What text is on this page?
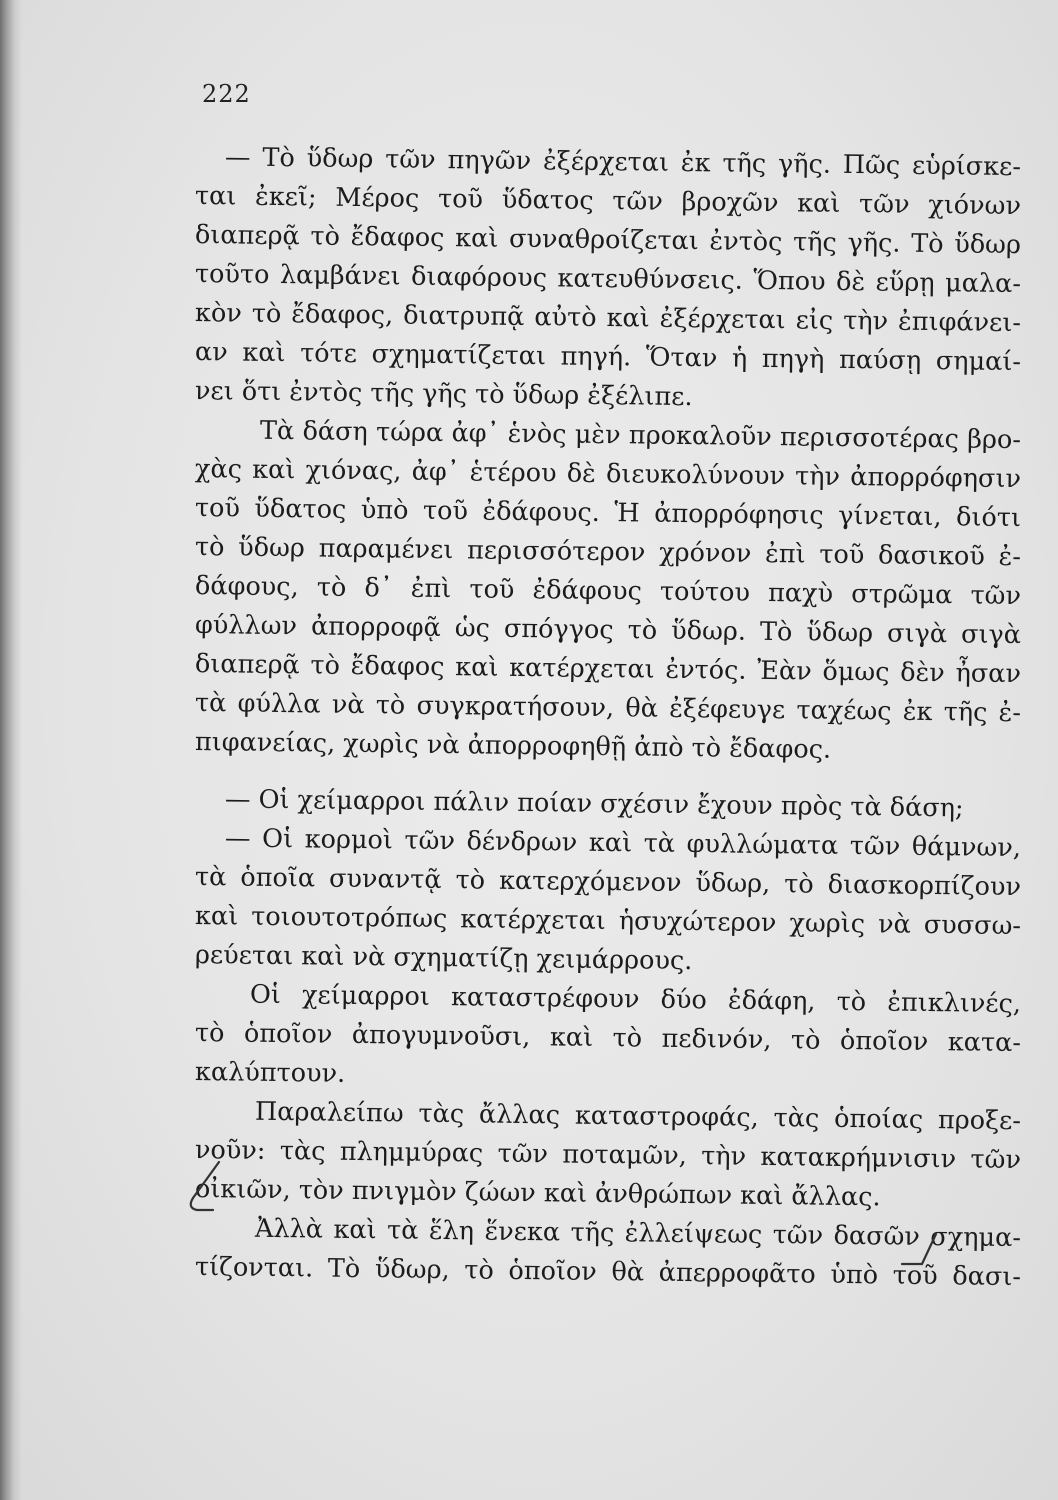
222
— Τὸ ὕδωρ τῶν πηγῶν ἐξέρχεται ἐκ τῆς γῆς. Πῶς εὑρίσκε-
ται ἐκεῖ; Μέρος τοῦ ὕδατος τῶν βροχῶν καὶ τῶν χιόνων
διαπερᾷ τὸ ἔδαφος καὶ συναθροίζεται ἐντὸς τῆς γῆς. Τὸ ὕδωρ
τοῦτο λαμβάνει διαφόρους κατευθύνσεις. Ὅπου δὲ εὕρῃ μαλα-
κὸν τὸ ἔδαφος, διατρυπᾷ αὐτὸ καὶ ἐξέρχεται εἰς τὴν ἐπιφάνει-
αν καὶ τότε σχηματίζεται πηγή. Ὅταν ἡ πηγὴ παύσῃ σημαί-
νει ὅτι ἐντὸς τῆς γῆς τὸ ὕδωρ ἐξέλιπε.
Τὰ δάση τώρα ἀφ᾽ ἑνὸς μὲν προκαλοῦν περισσοτέρας βρο-
χὰς καὶ χιόνας, ἀφ᾽ ἑτέρου δὲ διευκολύνουν τὴν ἀπορρόφησιν
τοῦ ὕδατος ὑπὸ τοῦ ἐδάφους. Ἡ ἀπορρόφησις γίνεται, διότι
τὸ ὕδωρ παραμένει περισσότερον χρόνον ἐπὶ τοῦ δασικοῦ ἐ-
δάφους, τὸ δ᾽ ἐπὶ τοῦ ἐδάφους τούτου παχὺ στρῶμα τῶν
φύλλων ἀπορροφᾷ ὡς σπόγγος τὸ ὕδωρ. Τὸ ὕδωρ σιγὰ σιγὰ
διαπερᾷ τὸ ἔδαφος καὶ κατέρχεται ἐντός. Ἐὰν ὅμως δὲν ἦσαν
τὰ φύλλα νὰ τὸ συγκρατήσουν, θὰ ἐξέφευγε ταχέως ἐκ τῆς ἐ-
πιφανείας, χωρὶς νὰ ἀπορροφηθῇ ἀπὸ τὸ ἔδαφος.
— Οἱ χείμαρροι πάλιν ποίαν σχέσιν ἔχουν πρὸς τὰ δάση;
— Οἱ κορμοὶ τῶν δένδρων καὶ τὰ φυλλώματα τῶν θάμνων,
τὰ ὁποῖα συναντᾷ τὸ κατερχόμενον ὕδωρ, τὸ διασκορπίζουν
καὶ τοιουτοτρόπως κατέρχεται ἡσυχώτερον χωρὶς νὰ συσσω-
ρεύεται καὶ νὰ σχηματίζῃ χειμάρρους.
Οἱ χείμαρροι καταστρέφουν δύο ἐδάφη, τὸ ἐπικλινές,
τὸ ὁποῖον ἀπογυμνοῦσι, καὶ τὸ πεδινόν, τὸ ὁποῖον κατα-
καλύπτουν.
Παραλείπω τὰς ἄλλας καταστροφάς, τὰς ὁποίας προξε-
νοῦν: τὰς πλημμύρας τῶν ποταμῶν, τὴν κατακρήμνισιν τῶν
οἰκιῶν, τὸν πνιγμὸν ζώων καὶ ἀνθρώπων καὶ ἄλλας.
Ἀλλὰ καὶ τὰ ἕλη ἕνεκα τῆς ἐλλείψεως τῶν δασῶν σχημα-
τίζονται. Τὸ ὕδωρ, τὸ ὁποῖον θὰ ἀπερροφᾶτο ὑπὸ τοῦ δασι-
